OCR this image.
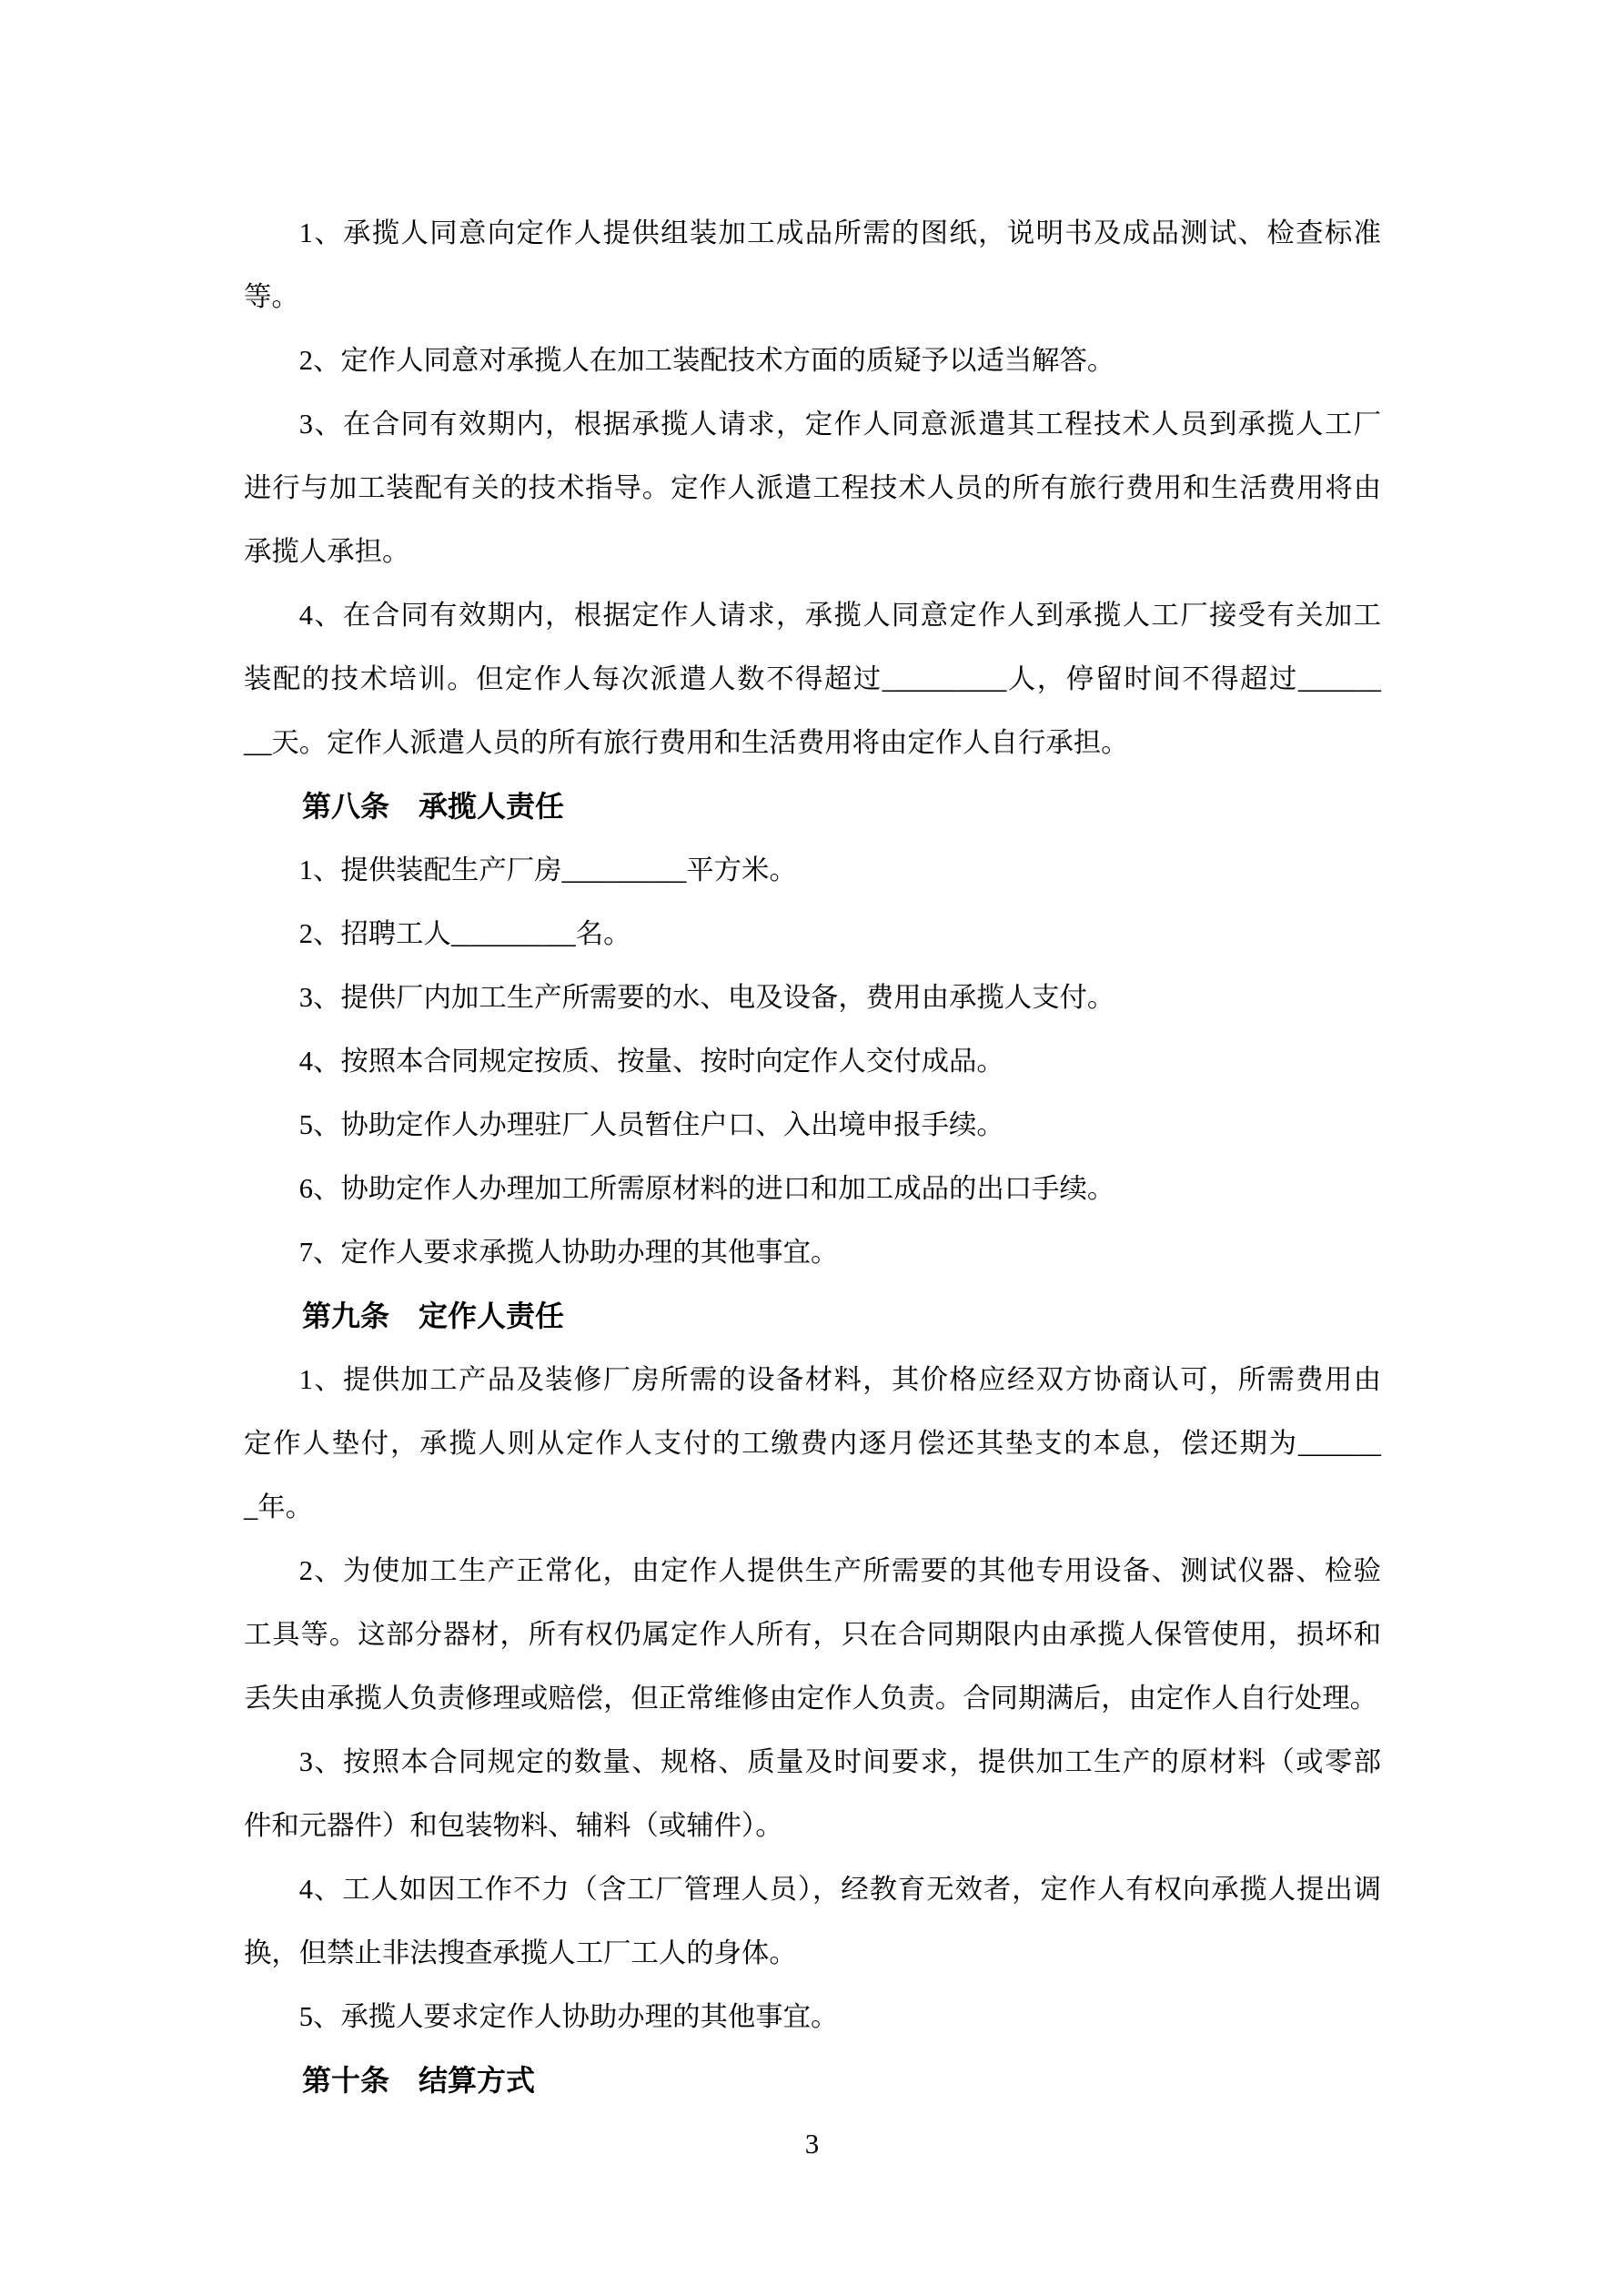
1、承揽人同意向定作人提供组装加工成品所需的图纸，说明书及成品测试、检查标准
等。
2、定作人同意对承揽人在加工装配技术方面的质疑予以适当解答。
3、在合同有效期内，根据承揽人请求，定作人同意派遣其工程技术人员到承揽人工厂
进行与加工装配有关的技术指导。定作人派遣工程技术人员的所有旅行费用和生活费用将由
承揽人承担。
4、在合同有效期内，根据定作人请求，承揽人同意定作人到承揽人工厂接受有关加工
装配的技术培训。但定作人每次派遣人数不得超过_________人，停留时间不得超过______
__天。定作人派遣人员的所有旅行费用和生活费用将由定作人自行承担。
第八条　承揽人责任
1、提供装配生产厂房_________平方米。
2、招聘工人_________名。
3、提供厂内加工生产所需要的水、电及设备，费用由承揽人支付。
4、按照本合同规定按质、按量、按时向定作人交付成品。
5、协助定作人办理驻厂人员暂住户口、入出境申报手续。
6、协助定作人办理加工所需原材料的进口和加工成品的出口手续。
7、定作人要求承揽人协助办理的其他事宜。
第九条　定作人责任
1、提供加工产品及装修厂房所需的设备材料，其价格应经双方协商认可，所需费用由
定作人垫付，承揽人则从定作人支付的工缴费内逐月偿还其垫支的本息，偿还期为______
_年。
2、为使加工生产正常化，由定作人提供生产所需要的其他专用设备、测试仪器、检验
工具等。这部分器材，所有权仍属定作人所有，只在合同期限内由承揽人保管使用，损坏和
丢失由承揽人负责修理或赔偿，但正常维修由定作人负责。合同期满后，由定作人自行处理。
3、按照本合同规定的数量、规格、质量及时间要求，提供加工生产的原材料（或零部
件和元器件）和包装物料、辅料（或辅件）。
4、工人如因工作不力（含工厂管理人员），经教育无效者，定作人有权向承揽人提出调
换，但禁止非法搜查承揽人工厂工人的身体。
5、承揽人要求定作人协助办理的其他事宜。
第十条　结算方式
3
